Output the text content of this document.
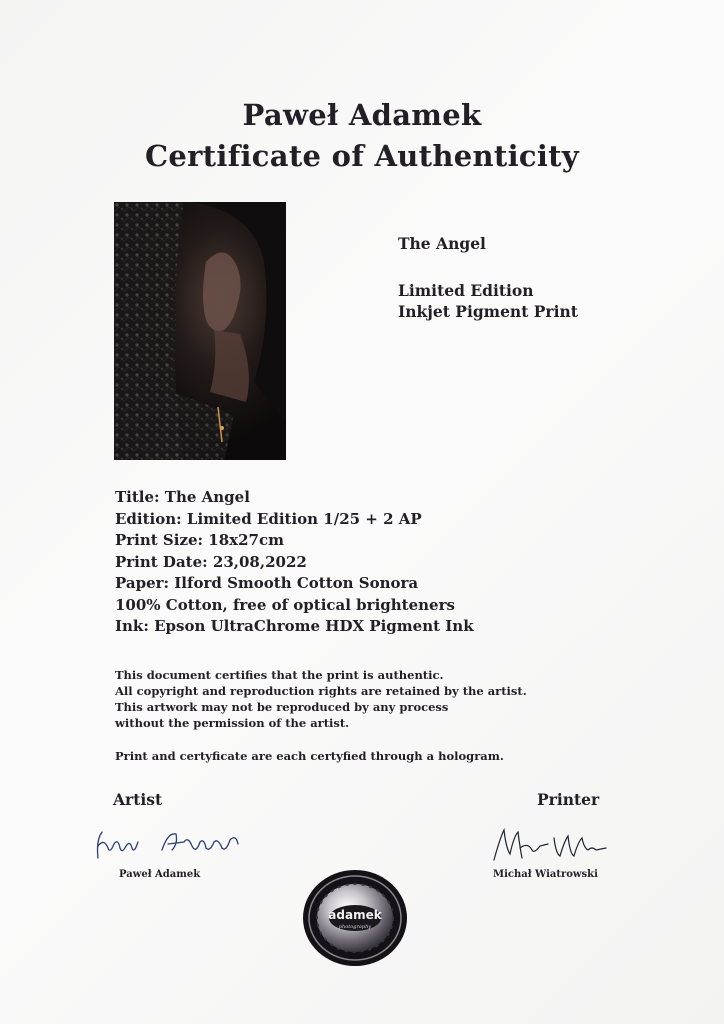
Paweł Adamek
Certificate of Authenticity
The Angel
Limited Edition
Inkjet Pigment Print
Title: The Angel
Edition: Limited Edition 1/25 + 2 AP
Print Size: 18x27cm
Print Date: 23,08,2022
Paper: Ilford Smooth Cotton Sonora
100% Cotton, free of optical brighteners
Ink: Epson UltraChrome HDX Pigment Ink
This document certifies that the print is authentic.
All copyright and reproduction rights are retained by the artist.
This artwork may not be reproduced by any process
without the permission of the artist.
Print and certyficate are each certyfied through a hologram.
Artist	Printer
Paweł Adamek	Michał Wiatrowski
adamek
photography
